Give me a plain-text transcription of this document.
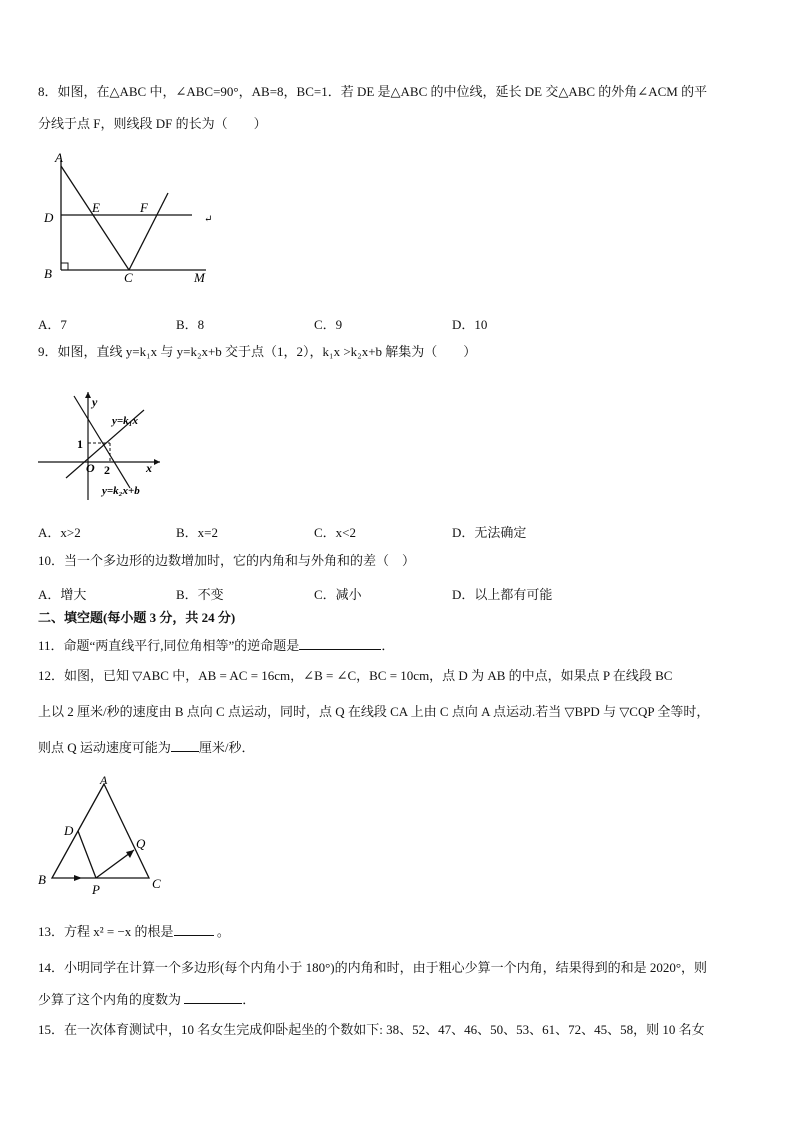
8．如图，在△ABC 中，∠ABC=90°，AB=8，BC=1．若 DE 是△ABC 的中位线，延长 DE 交△ABC 的外角∠ACM 的平
分线于点 F，则线段 DF 的长为（　　）
A
D
E	F
B	C	M
↵
A．7	B．8	C．9	D．10
9．如图，直线 y=k₁x 与 y=k₂x+b 交于点（1，2），k₁x >k₂x+b 解集为（　　）
y
x
O
1
2
y=k₁x
y=k₂x+b
A．x>2	B．x=2	C．x<2	D．无法确定
10．当一个多边形的边数增加时，它的内角和与外角和的差（　）
A．增大	B．不变	C．减小	D．以上都有可能
二、填空题(每小题 3 分，共 24 分)
11．命题“两直线平行,同位角相等”的逆命题是	．
12．如图，已知 ▽ABC 中，AB = AC = 16cm，∠B = ∠C，BC = 10cm，点 D 为 AB 的中点，如果点 P 在线段 BC
上以 2 厘米/秒的速度由 B 点向 C 点运动，同时，点 Q 在线段 CA 上由 C 点向 A 点运动.若当 ▽BPD 与 ▽CQP 全等时，
则点 Q 运动速度可能为 厘米/秒．
A
D
Q
B
P	C
13．方程 x² = −x 的根是	。
14．小明同学在计算一个多边形(每个内角小于 180°)的内角和时，由于粗心少算一个内角，结果得到的和是 2020°，则
少算了这个内角的度数为	．
15．在一次体育测试中，10 名女生完成仰卧起坐的个数如下: 38、52、47、46、50、53、61、72、45、58，则 10 名女
